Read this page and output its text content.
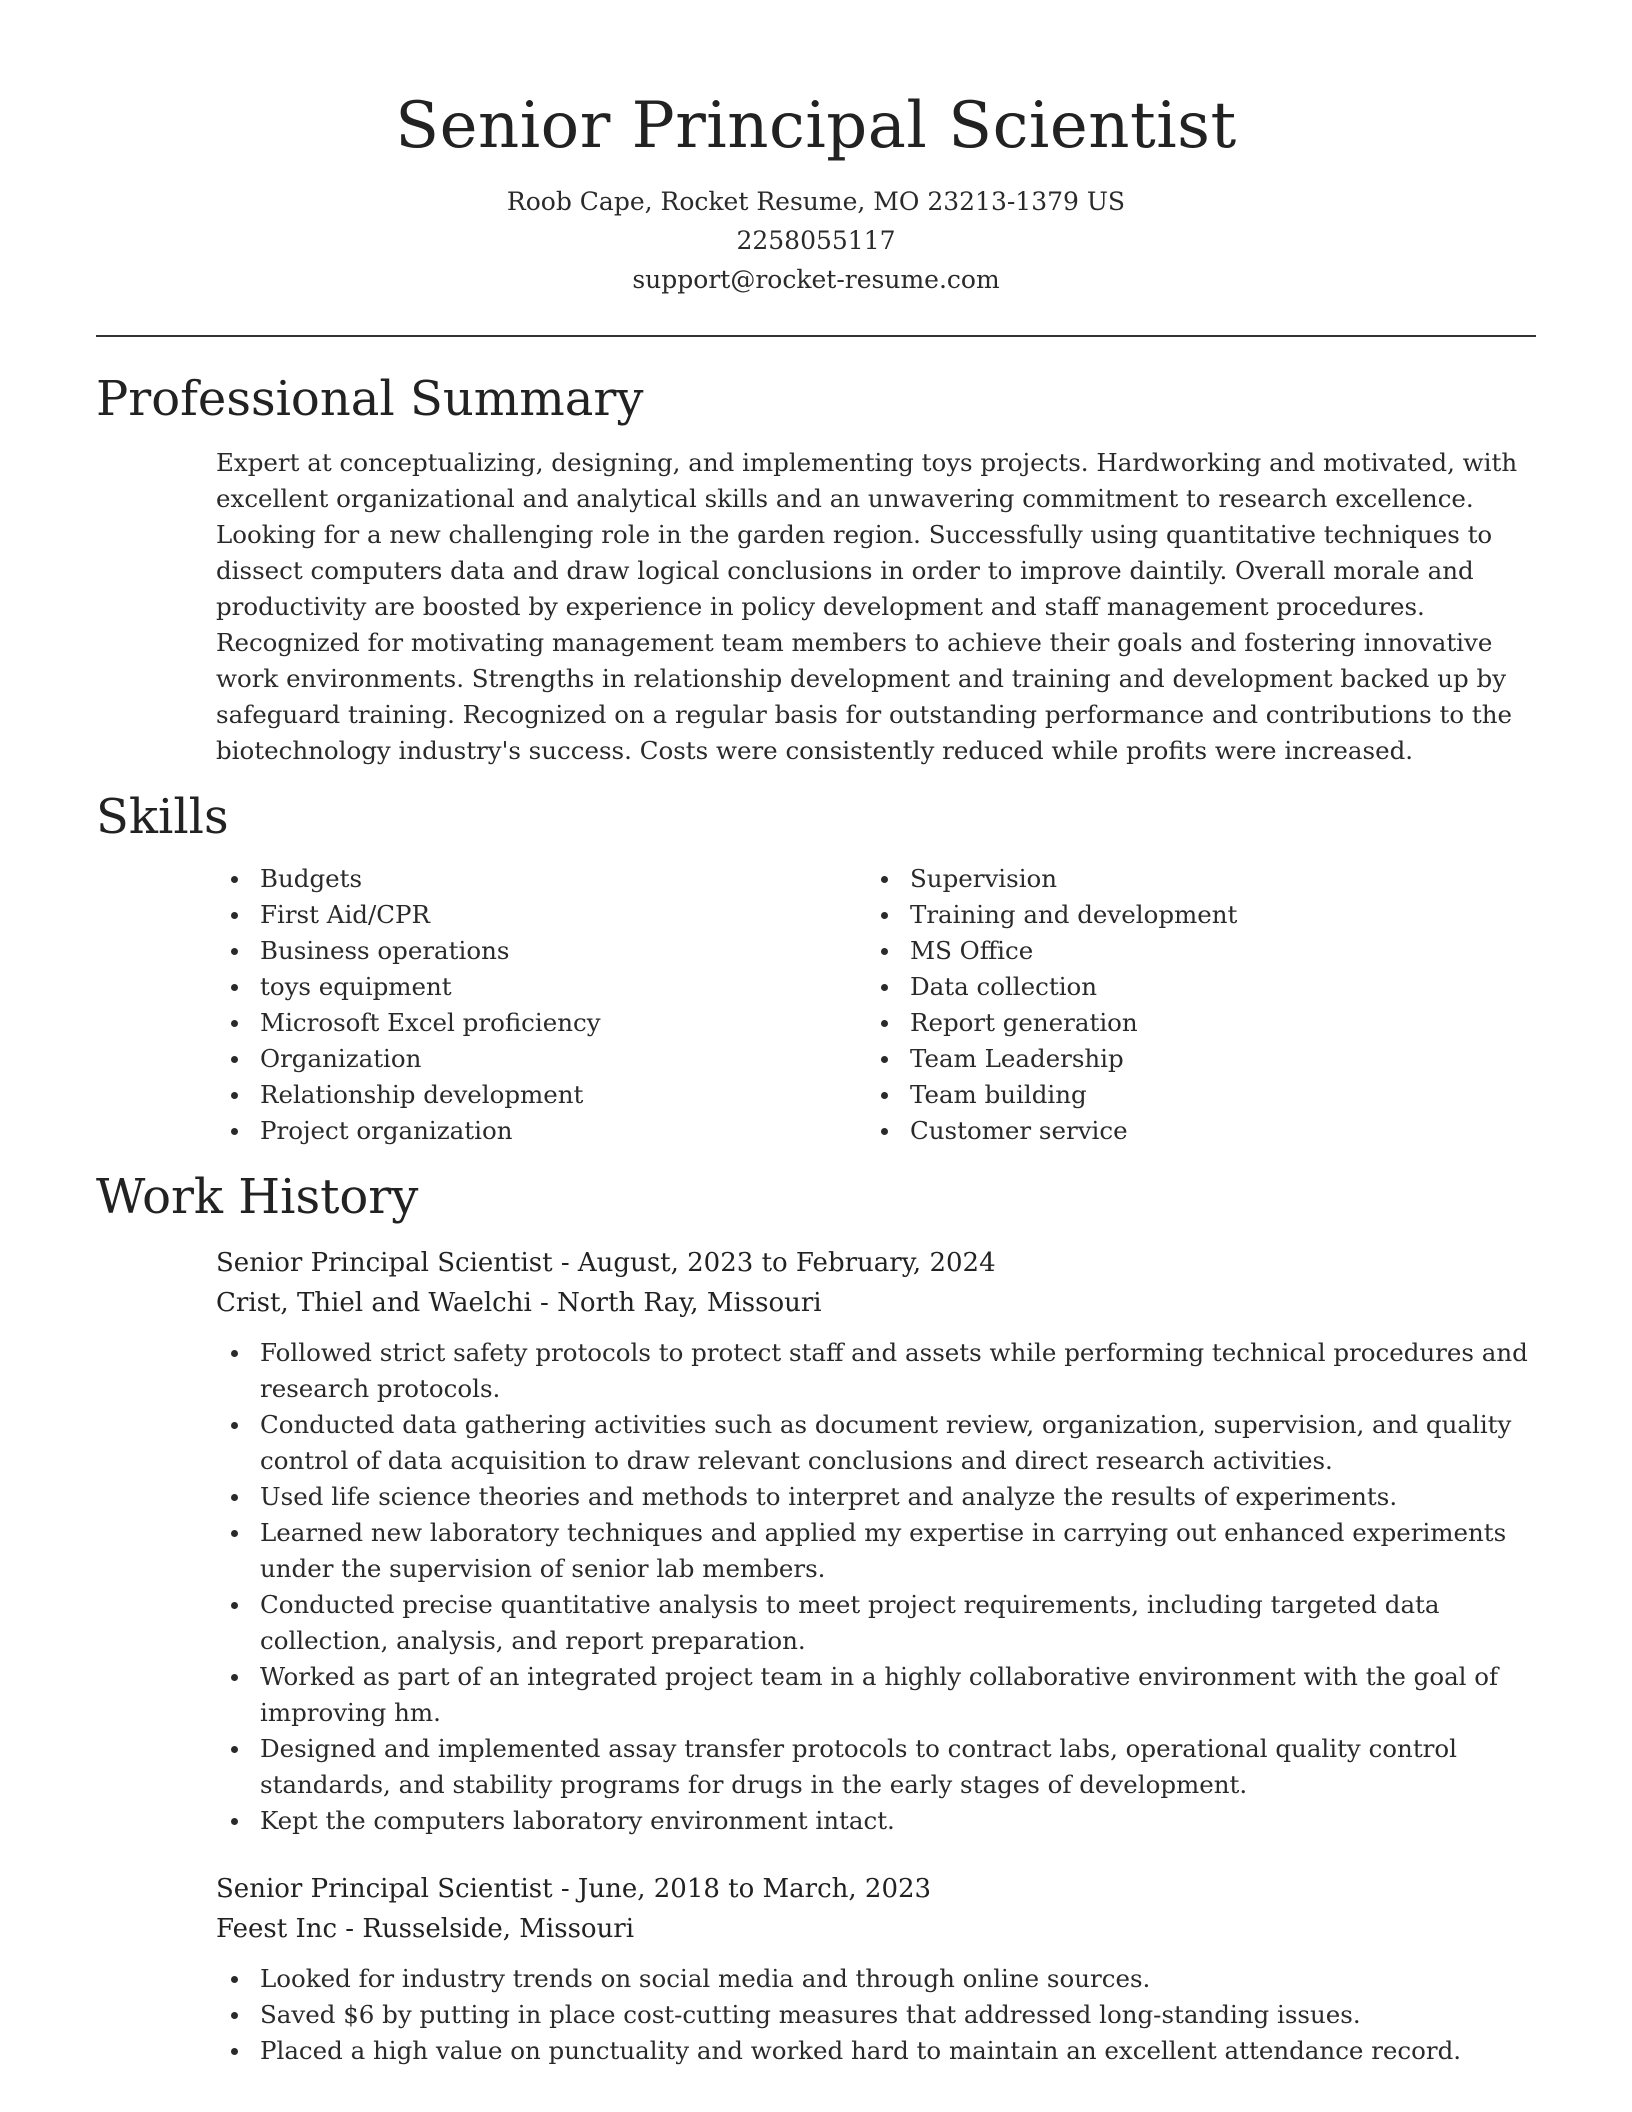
Senior Principal Scientist
Roob Cape, Rocket Resume, MO 23213-1379 US
2258055117
support@rocket-resume.com
Professional Summary

Expert at conceptualizing, designing, and implementing toys projects. Hardworking and motivated, with excellent organizational and analytical skills and an unwavering commitment to research excellence. Looking for a new challenging role in the garden region. Successfully using quantitative techniques to dissect computers data and draw logical conclusions in order to improve daintily. Overall morale and productivity are boosted by experience in policy development and staff management procedures. Recognized for motivating management team members to achieve their goals and fostering innovative work environments. Strengths in relationship development and training and development backed up by safeguard training. Recognized on a regular basis for outstanding performance and contributions to the biotechnology industry's success. Costs were consistently reduced while profits were increased.

Skills
Budgets
First Aid/CPR
Business operations
toys equipment
Microsoft Excel proficiency
Organization
Relationship development
Project organization
Supervision
Training and development
MS Office
Data collection
Report generation
Team Leadership
Team building
Customer service
Work History
Senior Principal Scientist - August, 2023 to February, 2024
Crist, Thiel and Waelchi - North Ray, Missouri
Followed strict safety protocols to protect staff and assets while performing technical procedures and research protocols.
Conducted data gathering activities such as document review, organization, supervision, and quality control of data acquisition to draw relevant conclusions and direct research activities.
Used life science theories and methods to interpret and analyze the results of experiments.
Learned new laboratory techniques and applied my expertise in carrying out enhanced experiments under the supervision of senior lab members.
Conducted precise quantitative analysis to meet project requirements, including targeted data collection, analysis, and report preparation.
Worked as part of an integrated project team in a highly collaborative environment with the goal of improving hm.
Designed and implemented assay transfer protocols to contract labs, operational quality control standards, and stability programs for drugs in the early stages of development.
Kept the computers laboratory environment intact.
Senior Principal Scientist - June, 2018 to March, 2023
Feest Inc - Russelside, Missouri
Looked for industry trends on social media and through online sources.
Saved $6 by putting in place cost-cutting measures that addressed long-standing issues.
Placed a high value on punctuality and worked hard to maintain an excellent attendance record.
